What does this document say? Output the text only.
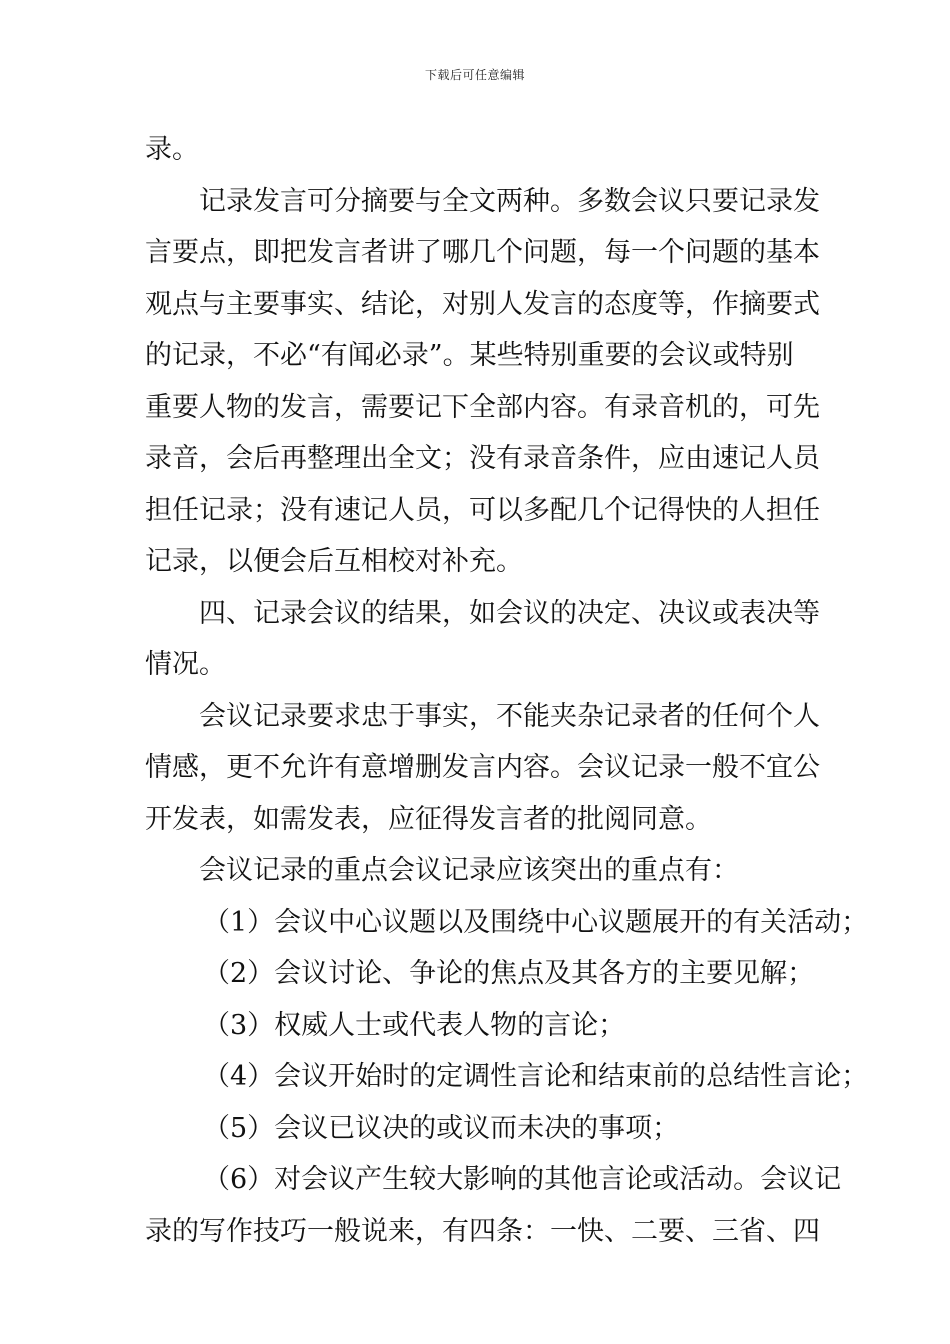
下载后可任意编辑
录。
记录发言可分摘要与全文两种。多数会议只要记录发
言要点，即把发言者讲了哪几个问题，每一个问题的基本
观点与主要事实、结论，对别人发言的态度等，作摘要式
的记录，不必“有闻必录”。某些特别重要的会议或特别
重要人物的发言，需要记下全部内容。有录音机的，可先
录音，会后再整理出全文；没有录音条件，应由速记人员
担任记录；没有速记人员，可以多配几个记得快的人担任
记录，以便会后互相校对补充。
四、记录会议的结果，如会议的决定、决议或表决等
情况。
会议记录要求忠于事实，不能夹杂记录者的任何个人
情感，更不允许有意增删发言内容。会议记录一般不宜公
开发表，如需发表，应征得发言者的批阅同意。
会议记录的重点会议记录应该突出的重点有：
（1）会议中心议题以及围绕中心议题展开的有关活动；
（2）会议讨论、争论的焦点及其各方的主要见解；
（3）权威人士或代表人物的言论；
（4）会议开始时的定调性言论和结束前的总结性言论；
（5）会议已议决的或议而未决的事项；
（6）对会议产生较大影响的其他言论或活动。会议记
录的写作技巧一般说来，有四条：一快、二要、三省、四
